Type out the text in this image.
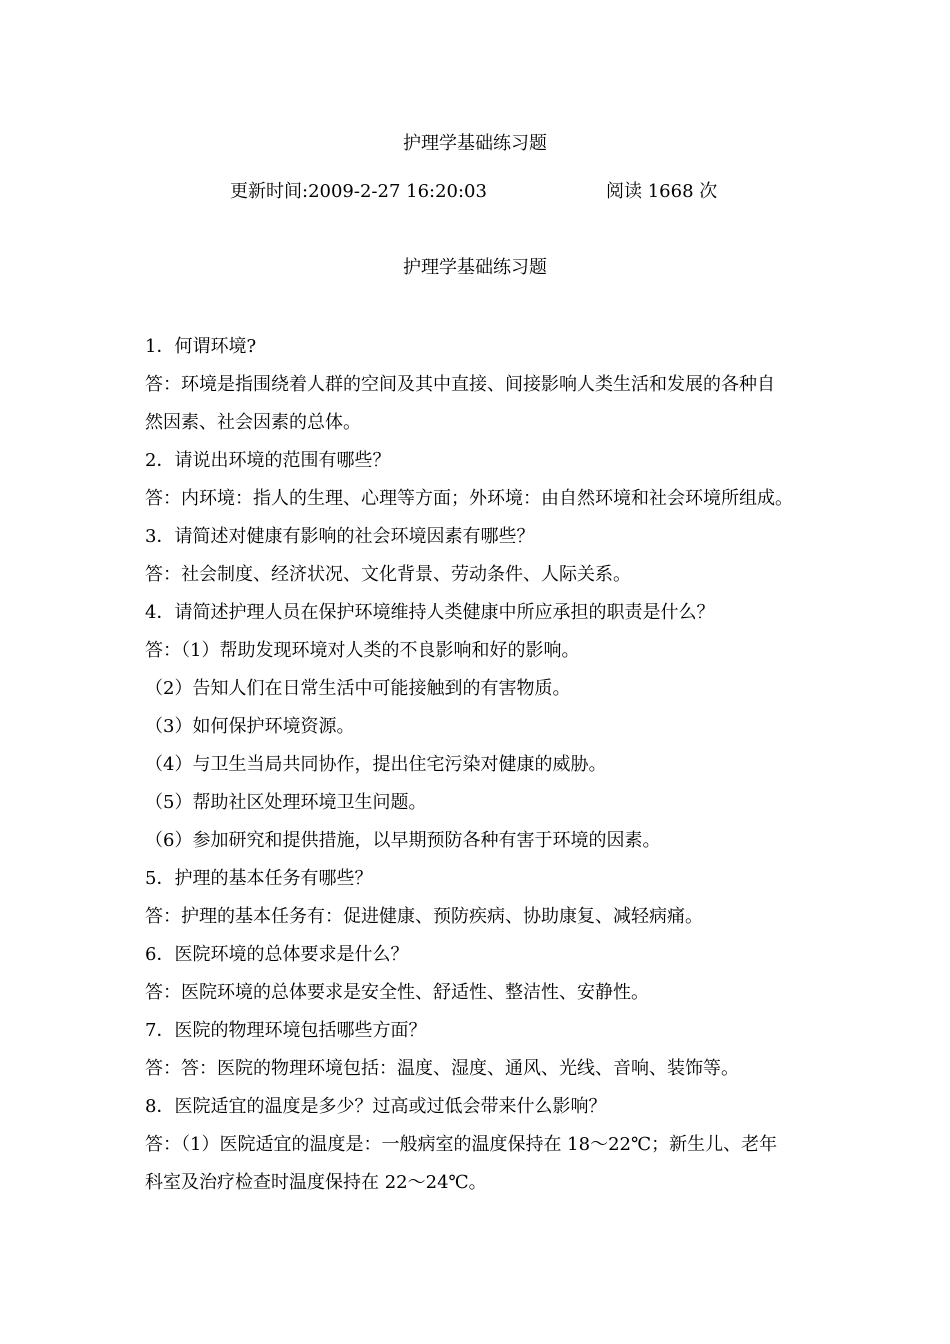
护理学基础练习题
更新时间:2009-2-27 16:20:03	阅读 1668 次
护理学基础练习题
1．何谓环境?
答：环境是指围绕着人群的空间及其中直接、间接影响人类生活和发展的各种自
然因素、社会因素的总体。
2．请说出环境的范围有哪些？
答：内环境：指人的生理、心理等方面；外环境：由自然环境和社会环境所组成。
3．请简述对健康有影响的社会环境因素有哪些？
答：社会制度、经济状况、文化背景、劳动条件、人际关系。
4．请简述护理人员在保护环境维持人类健康中所应承担的职责是什么？
答：（1）帮助发现环境对人类的不良影响和好的影响。
（2）告知人们在日常生活中可能接触到的有害物质。
（3）如何保护环境资源。
（4）与卫生当局共同协作，提出住宅污染对健康的威胁。
（5）帮助社区处理环境卫生问题。
（6）参加研究和提供措施，以早期预防各种有害于环境的因素。
5．护理的基本任务有哪些？
答：护理的基本任务有：促进健康、预防疾病、协助康复、减轻病痛。
6．医院环境的总体要求是什么？
答：医院环境的总体要求是安全性、舒适性、整洁性、安静性。
7．医院的物理环境包括哪些方面？
答：答：医院的物理环境包括：温度、湿度、通风、光线、音响、装饰等。
8．医院适宜的温度是多少？过高或过低会带来什么影响？
答：（1）医院适宜的温度是：一般病室的温度保持在 18～22℃；新生儿、老年
科室及治疗检查时温度保持在 22～24℃。
